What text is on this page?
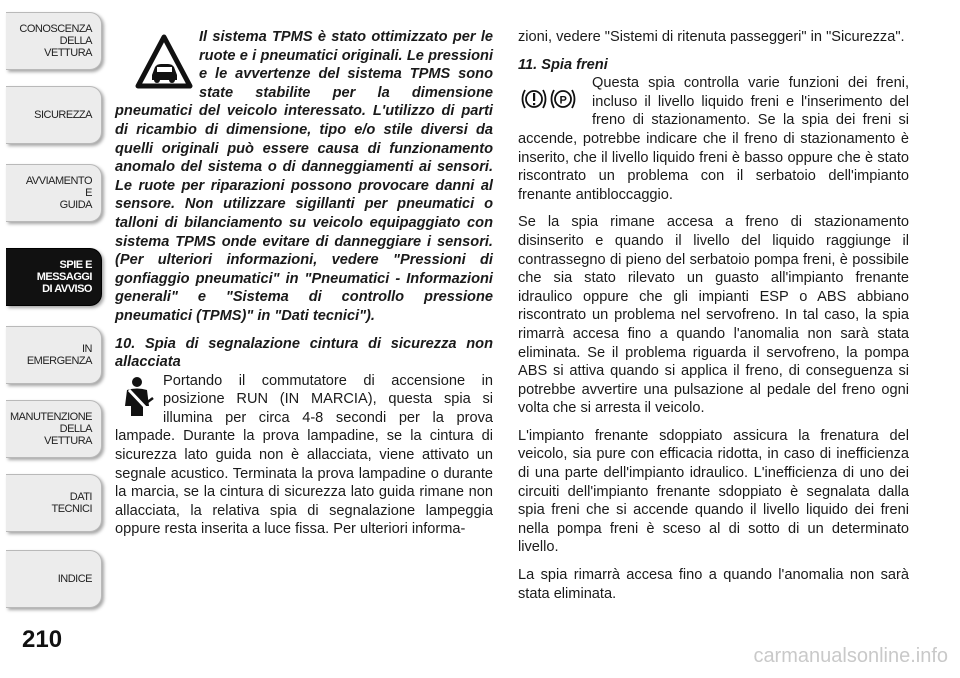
CONOSCENZA
DELLA
VETTURA
SICUREZZA
AVVIAMENTO
E
GUIDA
SPIE E
MESSAGGI
DI AVVISO
IN
EMERGENZA
MANUTENZIONE
DELLA
VETTURA
DATI
TECNICI
INDICE
210
Il sistema TPMS è stato ottimizzato per le ruote e i pneumatici originali. Le pressioni e le avvertenze del sistema TPMS sono state stabilite per la dimensione pneumatici del veicolo interessato. L'utilizzo di parti di ricambio di dimensione, tipo e/o stile diversi da quelli originali può essere causa di funzionamento anomalo del sistema o di danneggiamenti ai sensori. Le ruote per riparazioni possono provocare danni al sensore. Non utilizzare sigillanti per pneumatici o talloni di bilanciamento su veicolo equipaggiato con sistema TPMS onde evitare di danneggiare i sensori. (Per ulteriori informazioni, vedere "Pressioni di gonfiaggio pneumatici" in "Pneumatici - Informazioni generali" e "Sistema di controllo pressione pneumatici (TPMS)" in "Dati tecnici").

10. Spia di segnalazione cintura di sicurezza non allacciata

Portando il commutatore di accensione in posizione RUN (IN MARCIA), questa spia si illumina per circa 4-8 secondi per la prova lampade. Durante la prova lampadine, se la cintura di sicurezza lato guida non è allacciata, viene attivato un segnale acustico. Terminata la prova lampadine o durante la marcia, se la cintura di sicurezza lato guida rimane non allacciata, la relativa spia di segnalazione lampeggia oppure resta inserita a luce fissa. Per ulteriori informa-

zioni, vedere "Sistemi di ritenuta passeggeri" in "Sicurezza".

11. Spia freni

P
Questa spia controlla varie funzioni dei freni, incluso il livello liquido freni e l'inserimento del freno di stazionamento. Se la spia dei freni si accende, potrebbe indicare che il freno di stazionamento è inserito, che il livello liquido freni è basso oppure che è stato riscontrato un problema con il serbatoio dell'impianto frenante antibloccaggio.

Se la spia rimane accesa a freno di stazionamento disinserito e quando il livello del liquido raggiunge il contrassegno di pieno del serbatoio pompa freni, è possibile che sia stato rilevato un guasto all'impianto frenante idraulico oppure che gli impianti ESP o ABS abbiano riscontrato un problema nel servofreno. In tal caso, la spia rimarrà accesa fino a quando l'anomalia non sarà stata eliminata. Se il problema riguarda il servofreno, la pompa ABS si attiva quando si applica il freno, di conseguenza si potrebbe avvertire una pulsazione al pedale del freno ogni volta che si arresta il veicolo.

L'impianto frenante sdoppiato assicura la frenatura del veicolo, sia pure con efficacia ridotta, in caso di inefficienza di una parte dell'impianto idraulico. L'inefficienza di uno dei circuiti dell'impianto frenante sdoppiato è segnalata dalla spia freni che si accende quando il livello liquido dei freni nella pompa freni è sceso al di sotto di un determinato livello.

La spia rimarrà accesa fino a quando l'anomalia non sarà stata eliminata.

carmanualsonline.info
